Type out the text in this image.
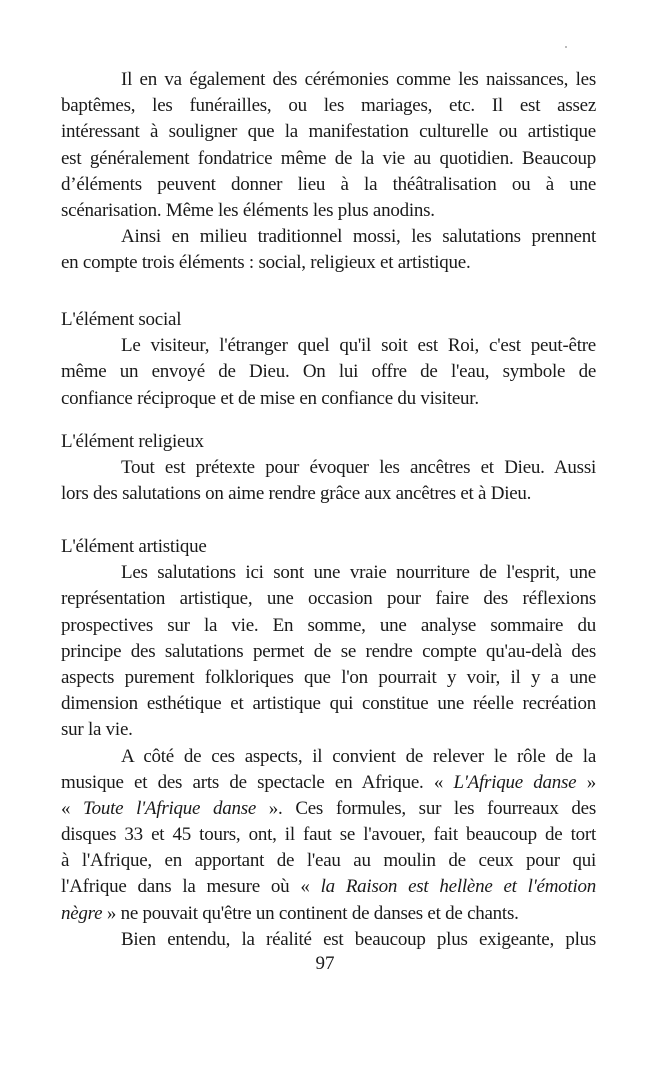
Il en va également des cérémonies comme les naissances, les
baptêmes, les funérailles, ou les mariages, etc. Il est assez
intéressant à souligner que la manifestation culturelle ou artistique
est généralement fondatrice même de la vie au quotidien. Beaucoup
d’éléments peuvent donner lieu à la théâtralisation ou à une
scénarisation. Même les éléments les plus anodins.
Ainsi en milieu traditionnel mossi, les salutations prennent
en compte trois éléments : social, religieux et artistique.
L'élément social
Le visiteur, l'étranger quel qu'il soit est Roi, c'est peut-être
même un envoyé de Dieu. On lui offre de l'eau, symbole de
confiance réciproque et de mise en confiance du visiteur.
L'élément religieux
Tout est prétexte pour évoquer les ancêtres et Dieu. Aussi
lors des salutations on aime rendre grâce aux ancêtres et à Dieu.
L'élément artistique
Les salutations ici sont une vraie nourriture de l'esprit, une
représentation artistique, une occasion pour faire des réflexions
prospectives sur la vie. En somme, une analyse sommaire du
principe des salutations permet de se rendre compte qu'au-delà des
aspects purement folkloriques que l'on pourrait y voir, il y a une
dimension esthétique et artistique qui constitue une réelle recréation
sur la vie.
A côté de ces aspects, il convient de relever le rôle de la
musique et des arts de spectacle en Afrique. « L'Afrique danse »
« Toute l'Afrique danse ». Ces formules, sur les fourreaux des
disques 33 et 45 tours, ont, il faut se l'avouer, fait beaucoup de tort
à l'Afrique, en apportant de l'eau au moulin de ceux pour qui
l'Afrique dans la mesure où « la Raison est hellène et l'émotion
nègre » ne pouvait qu'être un continent de danses et de chants.
Bien entendu, la réalité est beaucoup plus exigeante, plus
97
